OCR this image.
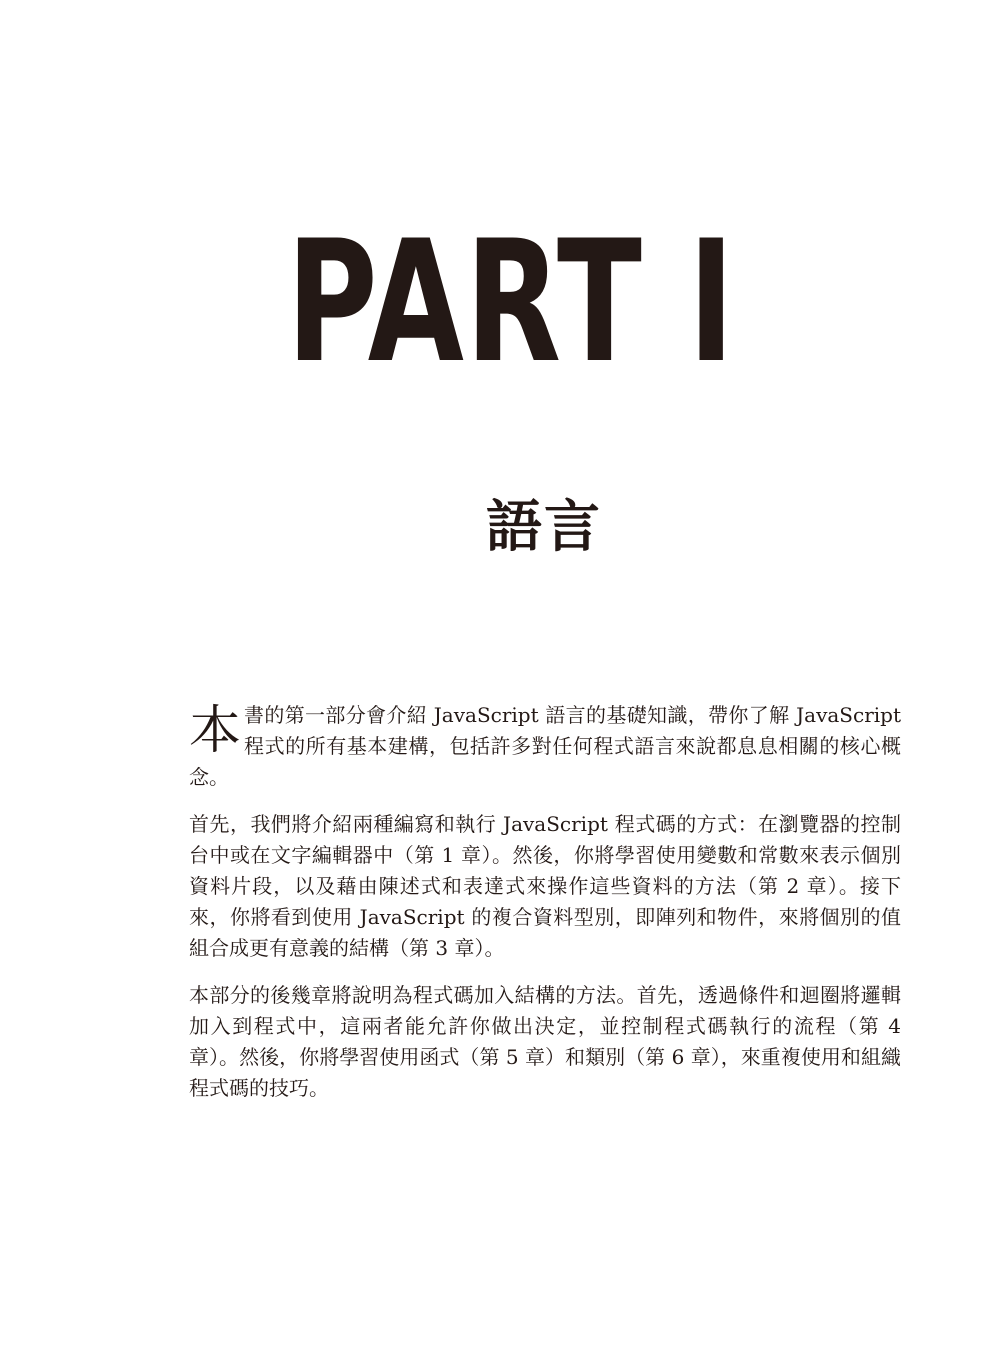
PART I
語言

本書的第一部分會介紹 JavaScript 語言的基礎知識，帶你了解 JavaScript 程式的所有基本建構，包括許多對任何程式語言來說都息息相關的核心概念。

首先，我們將介紹兩種編寫和執行 JavaScript 程式碼的方式：在瀏覽器的控制台中或在文字編輯器中（第 1 章）。然後，你將學習使用變數和常數來表示個別資料片段，以及藉由陳述式和表達式來操作這些資料的方法（第 2 章）。接下來，你將看到使用 JavaScript 的複合資料型別，即陣列和物件，來將個別的值組合成更有意義的結構（第 3 章）。

本部分的後幾章將說明為程式碼加入結構的方法。首先，透過條件和迴圈將邏輯加入到程式中，這兩者能允許你做出決定，並控制程式碼執行的流程（第 4 章）。然後，你將學習使用函式（第 5 章）和類別（第 6 章），來重複使用和組織程式碼的技巧。
